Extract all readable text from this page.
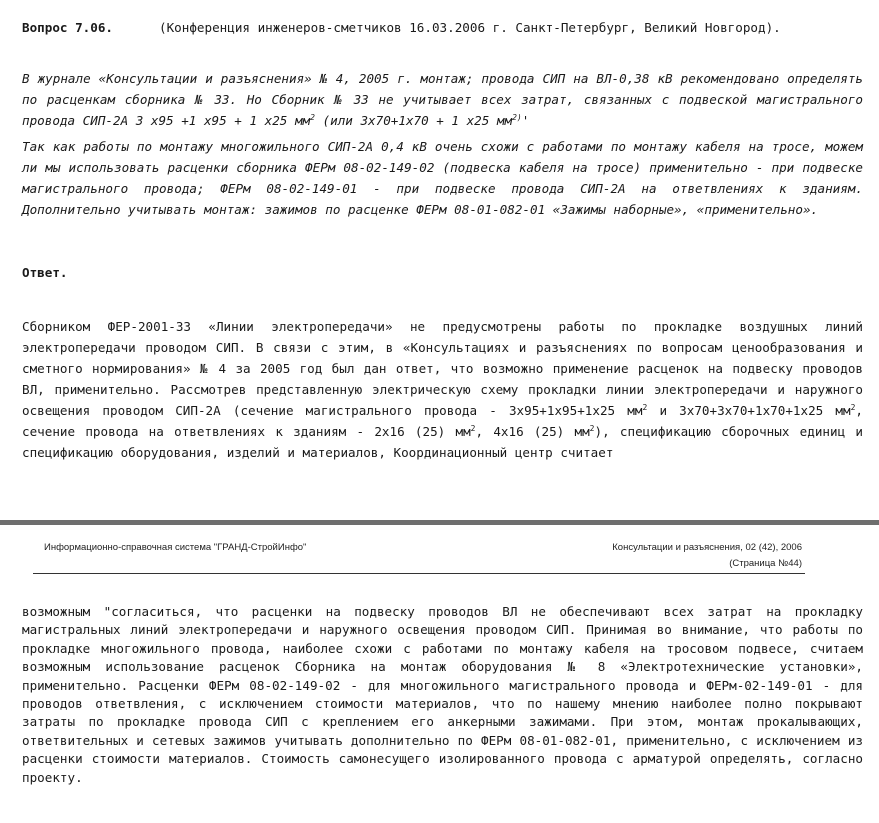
Вопрос 7.06.	(Конференция инженеров-сметчиков 16.03.2006 г. Санкт-Петербург, Великий Новгород).
В журнале «Консультации и разъяснения» № 4, 2005 г. монтаж; провода СИП на ВЛ-0,38 кВ рекомендовано определять по расценкам сборника № 33. Но Сборник № 33 не учитывает всех затрат, связанных с подвеской магистрального провода СИП-2А 3 х95 +1 х95 + 1 х25 $мм^2$ (или 3х70+1х70 + 1 х25 $мм^{2)}'$
Так как работы по монтажу многожильного СИП-2А 0,4 кВ очень схожи с работами по монтажу кабеля на тросе, можем ли мы использовать расценки сборника ФЕРм 08-02-149-02 (подвеска кабеля на тросе) применительно - при подвеске магистрального провода; ФЕРм 08-02-149-01 - при подвеске провода СИП-2А на ответвлениях к зданиям. Дополнительно учитывать монтаж: зажимов по расценке ФЕРм 08-01-082-01 «Зажимы наборные», «применительно».
Ответ.
Сборником ФЕР-2001-33 «Линии электропередачи» не предусмотрены работы по прокладке воздушных линий электропередачи проводом СИП. В связи с этим, в «Консультациях и разъяснениях по вопросам ценообразования и сметного нормирования» № 4 за 2005 год был дан ответ, что возможно применение расценок на подвеску проводов ВЛ, применительно. Рассмотрев представленную электрическую схему прокладки линии электропередачи и наружного освещения проводом СИП-2А (сечение магистрального провода - 3х95+1х95+1х25 $мм^2$ и 3х70+3х70+1х70+1х25 $мм^2$, сечение провода на ответвлениях к зданиям - 2х16 (25) $мм^2$, 4х16 (25) $мм^2$), спецификацию сборочных единиц и спецификацию оборудования, изделий и материалов, Координационный центр считает
Информационно-справочная система "ГРАНД-СтройИнфо"	Консультации и разъяснения, 02 (42), 2006
(Страница №44)
возможным "согласиться, что расценки на подвеску проводов ВЛ не обеспечивают всех затрат на прокладку магистральных линий электропередачи и наружного освещения проводом СИП. Принимая во внимание, что работы по прокладке многожильного провода, наиболее схожи с работами по монтажу кабеля на тросовом подвесе, считаем возможным использование расценок Сборника на монтаж оборудования № 8 «Электротехнические установки», применительно. Расценки ФЕРм 08-02-149-02 - для многожильного магистрального провода и ФЕРм-02-149-01 - для проводов ответвления, с исключением стоимости материалов, что по нашему мнению наиболее полно покрывают затраты по прокладке провода СИП с креплением его анкерными зажимами. При этом, монтаж прокалывающих, ответвительных и сетевых зажимов учитывать дополнительно по ФЕРм 08-01-082-01, применительно, с исключением из расценки стоимости материалов. Стоимость самонесущего изолированного провода с арматурой определять, согласно проекту.
